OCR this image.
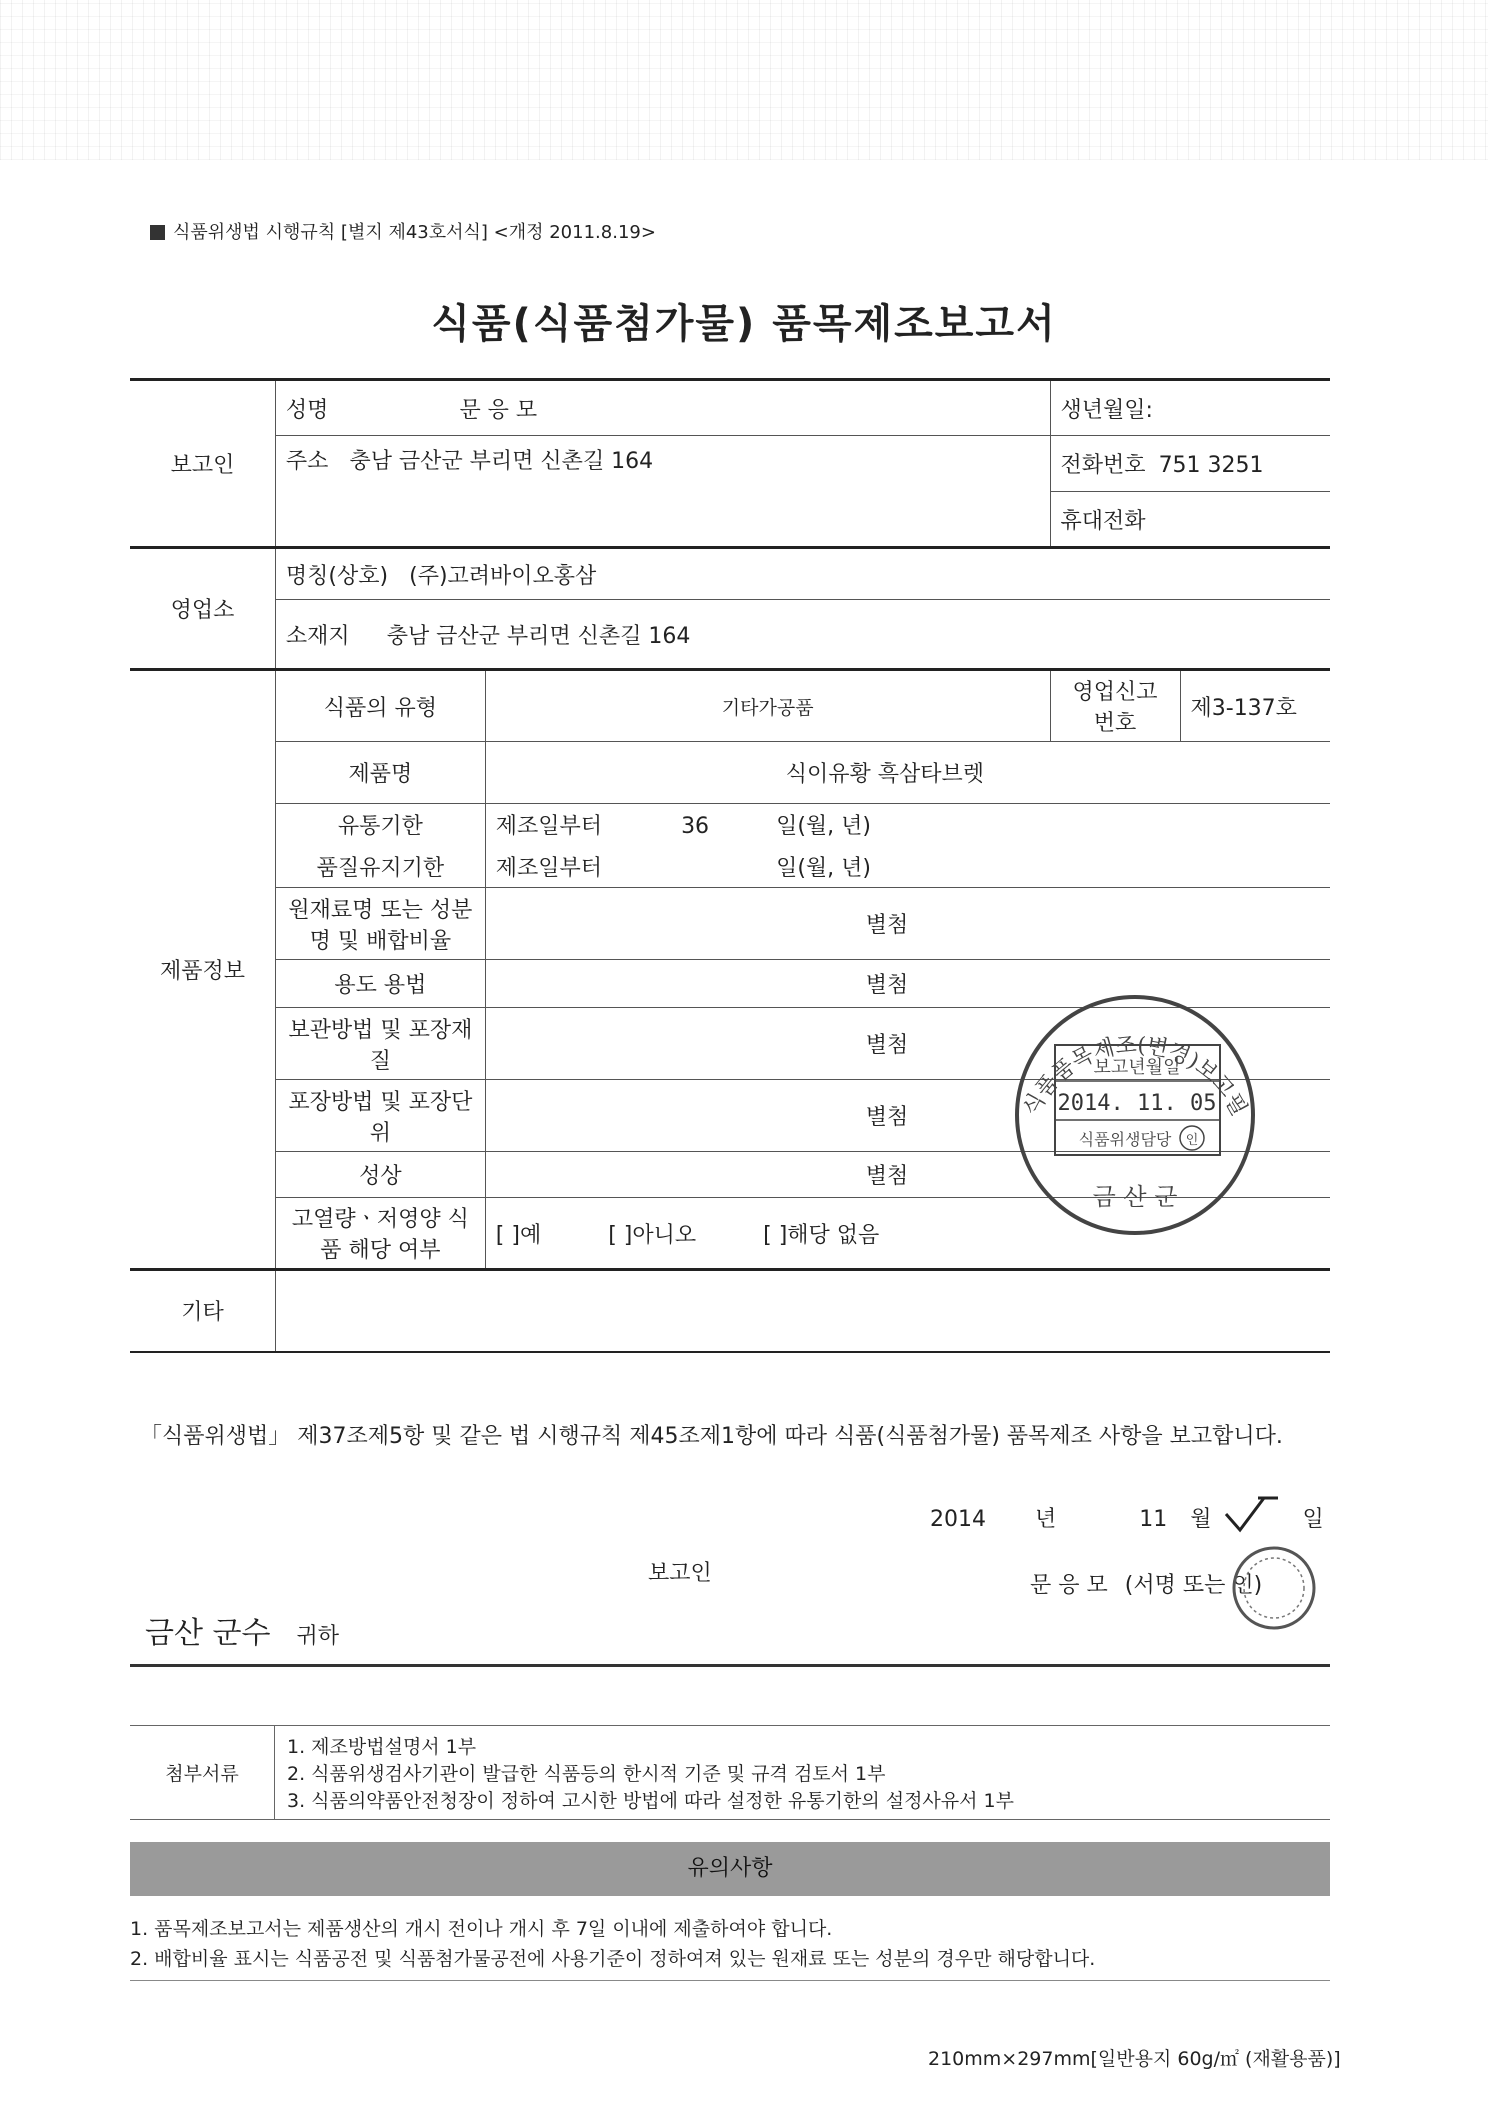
식품위생법 시행규칙 [별지 제43호서식] <개정 2011.8.19>
식품(식품첨가물) 품목제조보고서
보고인	성명 문 응 모		생년월일:	
	주소 충남 금산군 부리면 신촌길 164		전화번호 751 3251	
			휴대전화	
영업소	명칭(상호) (주)고려바이오홍삼			
	소재지 충남 금산군 부리면 신촌길 164			
제품정보	식품의 유형	기타가공품	영업신고 번호	제3-137호
	제품명	식이유황 흑삼타브렛		
	유통기한	제조일부터 36 일(월, 년)		
	품질유지기한	제조일부터 일(월, 년)		
	원재료명 또는 성분명 및 배합비율	별첨		
	용도 용법	별첨		
	보관방법 및 포장재질	별첨		
	포장방법 및 포장단위	별첨		
	성상	별첨		
	고열량ㆍ저영양 식품 해당 여부	[ ]예 [ ]아니오 [ ]해당 없음		
기타				
「식품위생법」 제37조제5항 및 같은 법 시행규칙 제45조제1항에 따라 식품(식품첨가물) 품목제조 사항을 보고합니다.
2014 년	11 월	일
보고인	문 응 모 (서명 또는 인)
금산 군수 귀하
첨부서류	
1. 제조방법설명서 1부
2. 식품위생검사기관이 발급한 식품등의 한시적 기준 및 규격 검토서 1부
3. 식품의약품안전청장이 정하여 고시한 방법에 따라 설정한 유통기한의 설정사유서 1부
유의사항
1. 품목제조보고서는 제품생산의 개시 전이나 개시 후 7일 이내에 제출하여야 합니다.
2. 배합비율 표시는 식품공전 및 식품첨가물공전에 사용기준이 정하여져 있는 원재료 또는 성분의 경우만 해당합니다.
210mm×297mm[일반용지 60g/㎡ (재활용품)]
식품품목제조(변경)보고필
보고년월일
2014. 11. 05
식품위생담당 인
금 산 군
